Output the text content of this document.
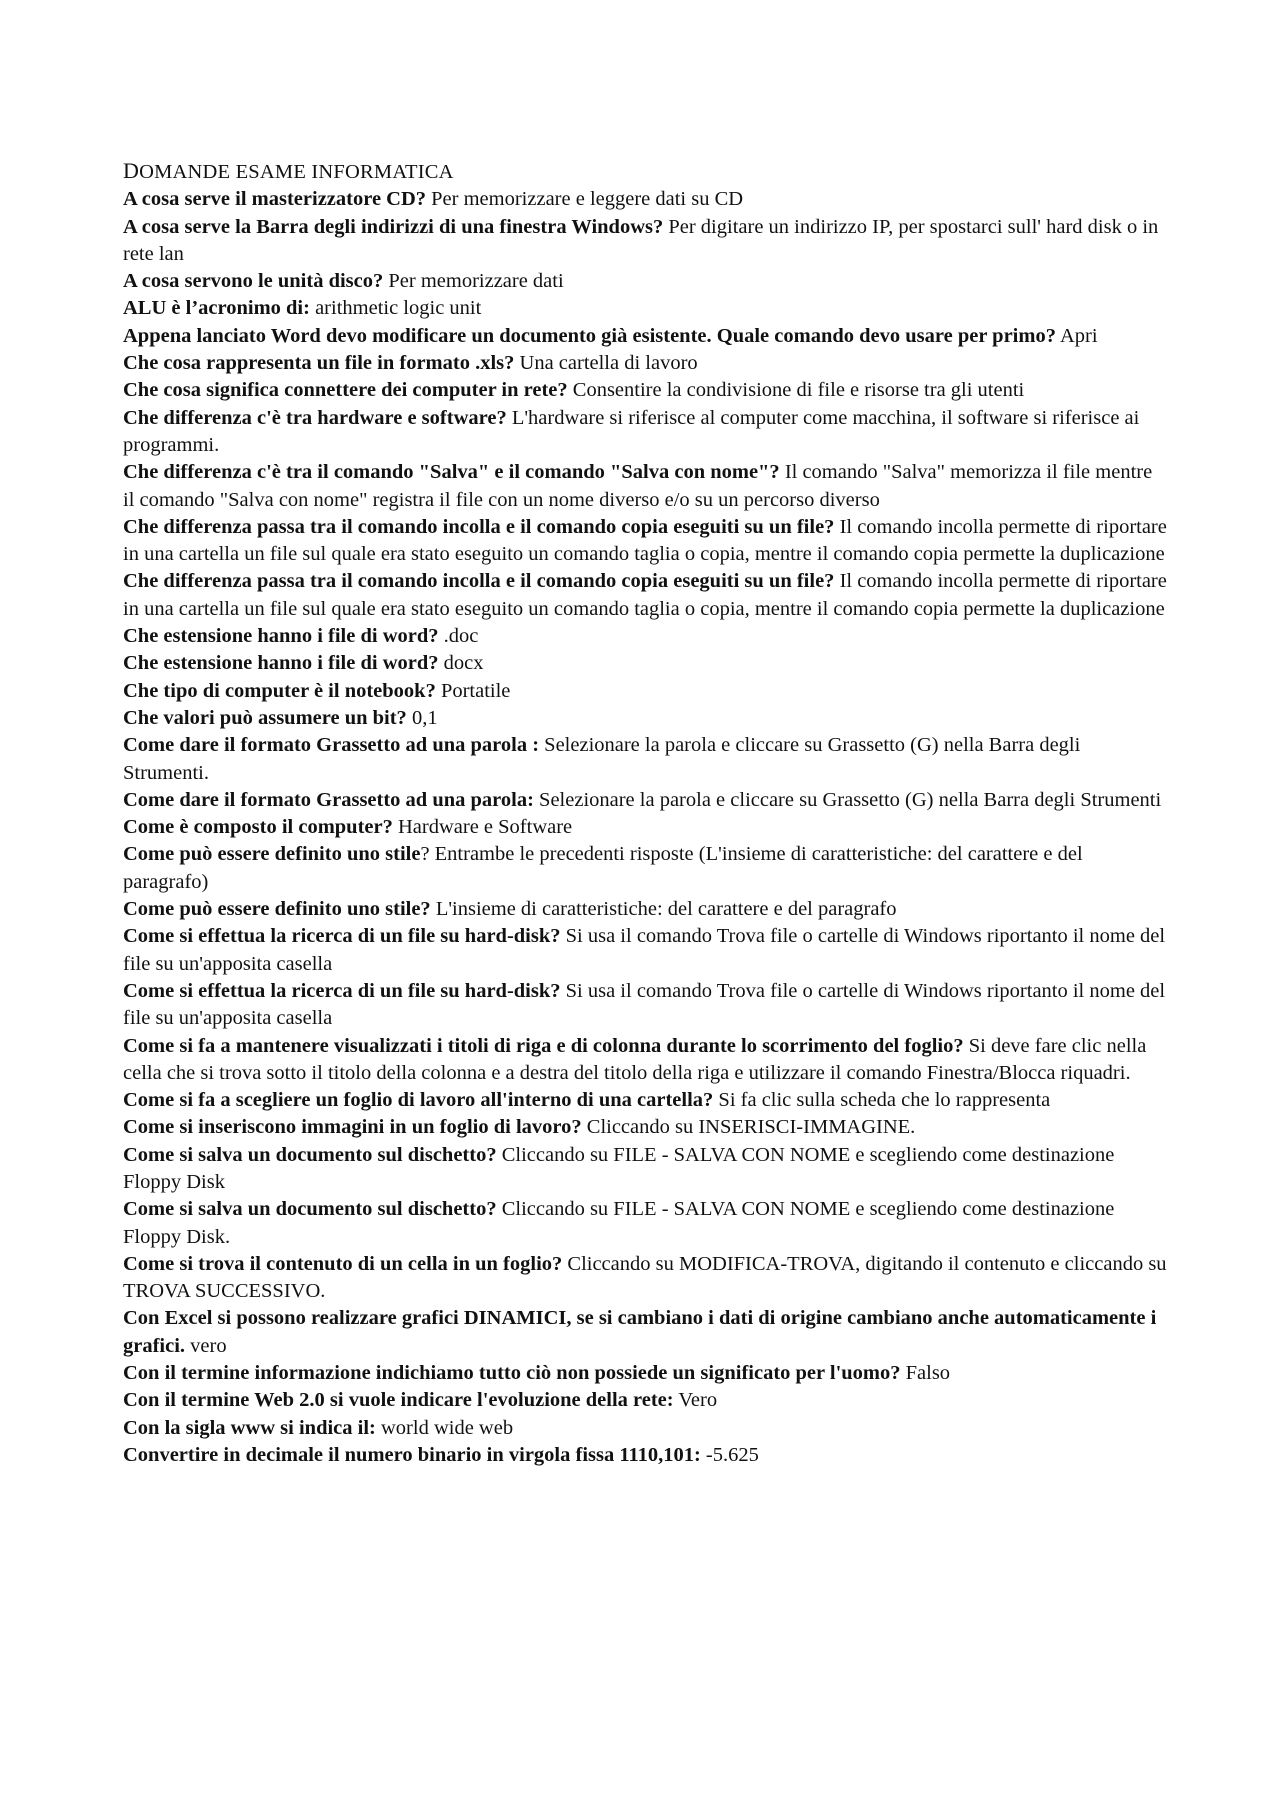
DOMANDE ESAME INFORMATICA
A cosa serve il masterizzatore CD? Per memorizzare e leggere dati su CD
A cosa serve la Barra degli indirizzi di una finestra Windows? Per digitare un indirizzo IP, per spostarci sull' hard disk o in rete lan
A cosa servono le unità disco? Per memorizzare dati
ALU è l’acronimo di: arithmetic logic unit
Appena lanciato Word devo modificare un documento già esistente. Quale comando devo usare per primo? Apri
Che cosa rappresenta un file in formato .xls? Una cartella di lavoro
Che cosa significa connettere dei computer in rete? Consentire la condivisione di file e risorse tra gli utenti
Che differenza c'è tra hardware e software? L'hardware si riferisce al computer come macchina, il software si riferisce ai programmi.
Che differenza c'è tra il comando "Salva" e il comando "Salva con nome"? Il comando "Salva" memorizza il file mentre il comando "Salva con nome" registra il file con un nome diverso e/o su un percorso diverso
Che differenza passa tra il comando incolla e il comando copia eseguiti su un file? Il comando incolla permette di riportare in una cartella un file sul quale era stato eseguito un comando taglia o copia, mentre il comando copia permette la duplicazione
Che differenza passa tra il comando incolla e il comando copia eseguiti su un file? Il comando incolla permette di riportare in una cartella un file sul quale era stato eseguito un comando taglia o copia, mentre il comando copia permette la duplicazione
Che estensione hanno i file di word? .doc
Che estensione hanno i file di word? docx
Che tipo di computer è il notebook? Portatile
Che valori può assumere un bit? 0,1
Come dare il formato Grassetto ad una parola : Selezionare la parola e cliccare su Grassetto (G) nella Barra degli Strumenti.
Come dare il formato Grassetto ad una parola: Selezionare la parola e cliccare su Grassetto (G) nella Barra degli Strumenti
Come è composto il computer? Hardware e Software
Come può essere definito uno stile? Entrambe le precedenti risposte (L'insieme di caratteristiche: del carattere e del paragrafo)
Come può essere definito uno stile? L'insieme di caratteristiche: del carattere e del paragrafo
Come si effettua la ricerca di un file su hard-disk? Si usa il comando Trova file o cartelle di Windows riportanto il nome del file su un'apposita casella
Come si effettua la ricerca di un file su hard-disk? Si usa il comando Trova file o cartelle di Windows riportanto il nome del file su un'apposita casella
Come si fa a mantenere visualizzati i titoli di riga e di colonna durante lo scorrimento del foglio? Si deve fare clic nella cella che si trova sotto il titolo della colonna e a destra del titolo della riga e utilizzare il comando Finestra/Blocca riquadri.
Come si fa a scegliere un foglio di lavoro all'interno di una cartella? Si fa clic sulla scheda che lo rappresenta
Come si inseriscono immagini in un foglio di lavoro? Cliccando su INSERISCI-IMMAGINE.
Come si salva un documento sul dischetto? Cliccando su FILE - SALVA CON NOME e scegliendo come destinazione Floppy Disk
Come si salva un documento sul dischetto? Cliccando su FILE - SALVA CON NOME e scegliendo come destinazione Floppy Disk.
Come si trova il contenuto di un cella in un foglio? Cliccando su MODIFICA-TROVA, digitando il contenuto e cliccando su TROVA SUCCESSIVO.
Con Excel si possono realizzare grafici DINAMICI, se si cambiano i dati di origine cambiano anche automaticamente i grafici. vero
Con il termine informazione indichiamo tutto ciò non possiede un significato per l'uomo? Falso
Con il termine Web 2.0 si vuole indicare l'evoluzione della rete: Vero
Con la sigla www si indica il: world wide web
Convertire in decimale il numero binario in virgola fissa 1110,101: -5.625
